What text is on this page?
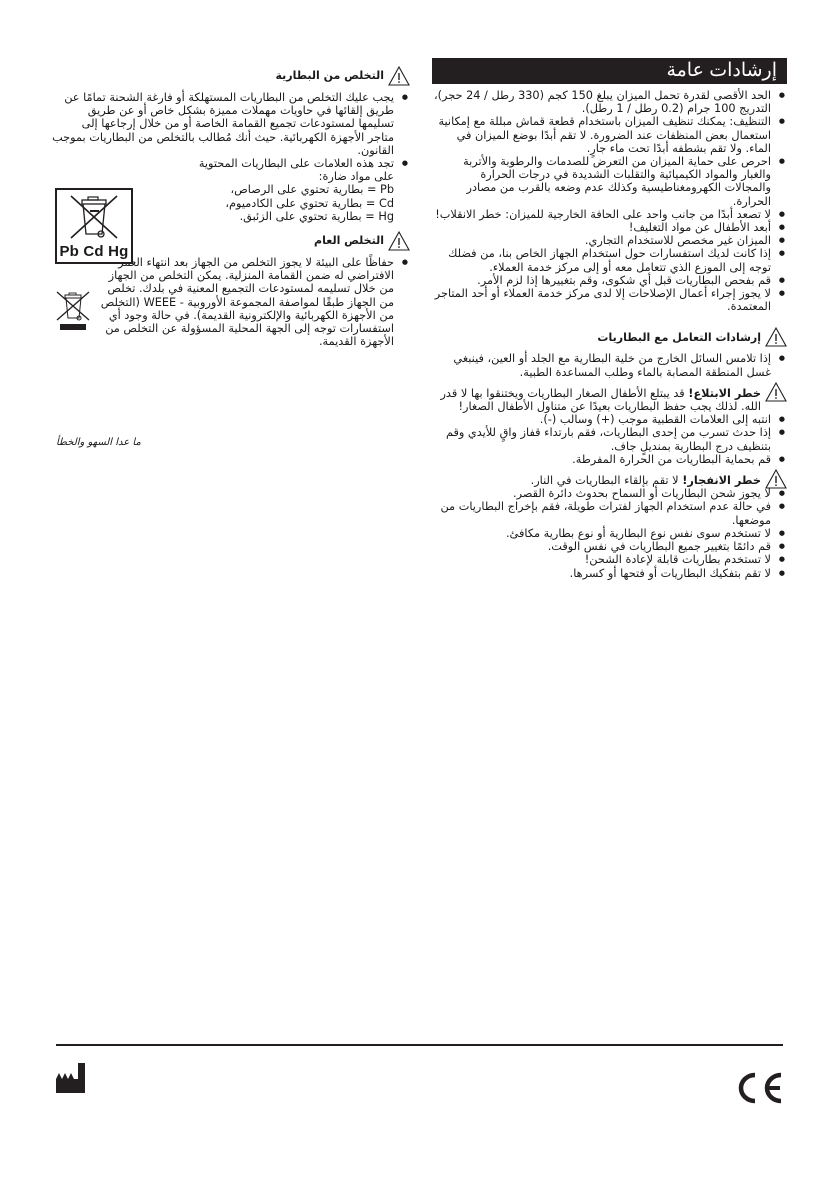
إرشادات عامة
● الحد الأقصى لقدرة تحمل الميزان يبلغ 150 كجم (330 رطل / 24 حجر)، التدريج 100 جرام (0.2 رطل / 1 رطل).
● التنظيف: يمكنك تنظيف الميزان باستخدام قطعة قماش مبللة مع إمكانية استعمال بعض المنظفات عند الضرورة. لا تقم أبدًا بوضع الميزان في الماء. ولا تقم بشطفه أبدًا تحت ماء جارٍ.
● احرص على حماية الميزان من التعرض للصدمات والرطوبة والأتربة والغبار والمواد الكيميائية والتقلبات الشديدة في درجات الحرارة والمجالات الكهرومغناطيسية وكذلك عدم وضعه بالقرب من مصادر الحرارة.
● لا تصعد أبدًا من جانب واحد على الحافة الخارجية للميزان: خطر الانقلاب!
● أبعد الأطفال عن مواد التغليف!
● الميزان غير مخصص للاستخدام التجاري.
● إذا كانت لديك استفسارات حول استخدام الجهاز الخاص بنا، من فضلك توجه إلى الموزع الذي تتعامل معه أو إلى مركز خدمة العملاء.
● قم بفحص البطاريات قبل أي شكوى، وقم بتغييرها إذا لزم الأمر.
● لا يجوز إجراء أعمال الإصلاحات إلا لدى مركز خدمة العملاء أو أحد المتاجر المعتمدة.
إرشادات التعامل مع البطاريات
● إذا تلامس السائل الخارج من خلية البطارية مع الجلد أو العين، فينبغي غسل المنطقة المصابة بالماء وطلب المساعدة الطبية.
خطر الابتلاع! قد يبتلع الأطفال الصغار البطاريات ويختنقوا بها لا قدر الله. لذلك يجب حفظ البطاريات بعيدًا عن متناول الأطفال الصغار!
● انتبه إلى العلامات القطبية موجب (+) وسالب (-).
● إذا حدث تسرب من إحدى البطاريات، فقم بارتداء قفاز واقٍ للأيدي وقم بتنظيف درج البطارية بمنديلٍ جاف.
● قم بحماية البطاريات من الحرارة المفرطة.
خطر الانفجار! لا تقم بإلقاء البطاريات في النار.
● لا يجوز شحن البطاريات أو السماح بحدوث دائرة القصر.
● في حالة عدم استخدام الجهاز لفترات طويلة، فقم بإخراج البطاريات من موضعها.
● لا تستخدم سوى نفس نوع البطارية أو نوع بطارية مكافئ.
● قم دائمًا بتغيير جميع البطاريات في نفس الوقت.
● لا تستخدم بطاريات قابلة لإعادة الشحن!
● لا تقم بتفكيك البطاريات أو فتحها أو كسرها.
التخلص من البطارية
● يجب عليك التخلص من البطاريات المستهلكة أو فارغة الشحنة تمامًا عن طريق إلقائها في حاويات مهملات مميزة بشكل خاص أو عن طريق تسليمها لمستودعات تجميع القمامة الخاصة أو من خلال إرجاعها إلى متاجر الأجهزة الكهربائية. حيث أنك مُطالب بالتخلص من البطاريات بموجب القانون.
● تجد هذه العلامات على البطاريات المحتوية على مواد ضارة:
Pb = بطارية تحتوي على الرصاص،
Cd = بطارية تحتوي على الكادميوم،
Hg = بطارية تحتوي على الزئبق.
التخلص العام
● حفاظًا على البيئة لا يجوز التخلص من الجهاز بعد انتهاء العمر الافتراضي له ضمن القمامة المنزلية. يمكن التخلص من الجهاز من خلال تسليمه لمستودعات التجميع المعنية في بلدك. تخلص من الجهاز طبقًا لمواصفة المجموعة الأوروبية - WEEE (التخلص من الأجهزة الكهربائية والإلكترونية القديمة). في حالة وجود أي استفسارات توجه إلى الجهة المحلية المسؤولة عن التخلص من الأجهزة القديمة.
Pb Cd Hg
ما عدا السهو والخطأ
